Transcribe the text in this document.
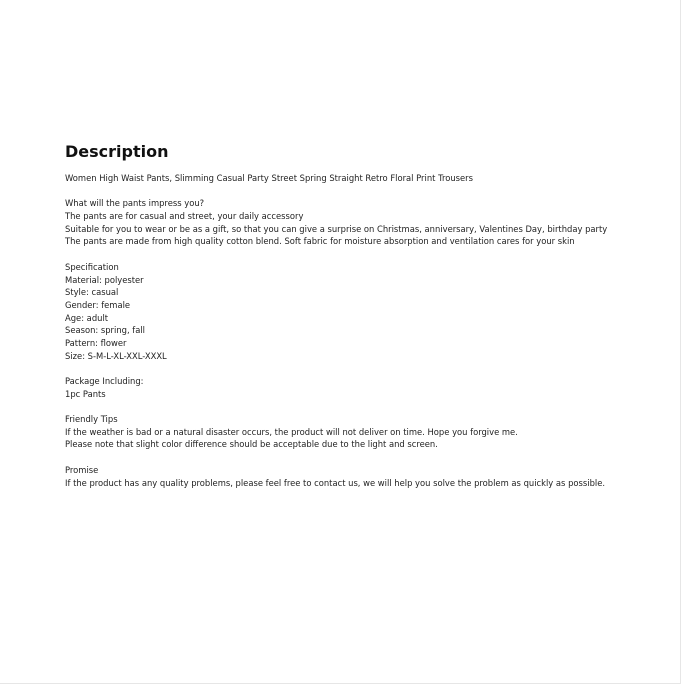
Description
Women High Waist Pants, Slimming Casual Party Street Spring Straight Retro Floral Print Trousers
What will the pants impress you?
The pants are for casual and street, your daily accessory
Suitable for you to wear or be as a gift, so that you can give a surprise on Christmas, anniversary, Valentines Day, birthday party
The pants are made from high quality cotton blend. Soft fabric for moisture absorption and ventilation cares for your skin
Specification
Material: polyester
Style: casual
Gender: female
Age: adult
Season: spring, fall
Pattern: flower
Size: S-M-L-XL-XXL-XXXL
Package Including:
1pc Pants
Friendly Tips
If the weather is bad or a natural disaster occurs, the product will not deliver on time. Hope you forgive me.
Please note that slight color difference should be acceptable due to the light and screen.
Promise
If the product has any quality problems, please feel free to contact us, we will help you solve the problem as quickly as possible.
